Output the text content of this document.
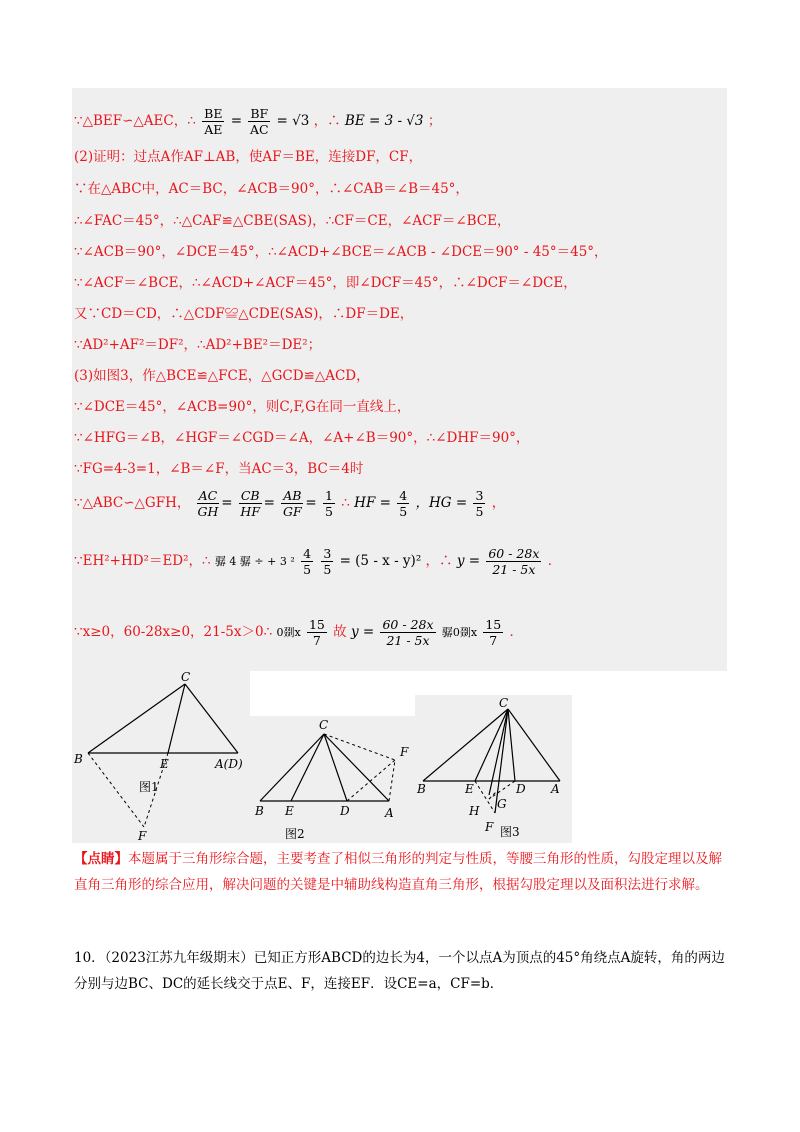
∵△BEF∽△AEC，∴ $\frac{BE}{AE} = \frac{BF}{AC} = √3$ ，∴ BE = 3 - √3 ；
(2)证明：过点A作AF⊥AB，使AF＝BE，连接DF，CF，
∵在△ABC中，AC＝BC，∠ACB＝90°，∴∠CAB＝∠B＝45°，
∴∠FAC＝45°，∴△CAF≌△CBE(SAS)，∴CF＝CE，∠ACF＝∠BCE，
∵∠ACB＝90°，∠DCE＝45°，∴∠ACD+∠BCE＝∠ACB - ∠DCE＝90° - 45°＝45°，
∵∠ACF＝∠BCE，∴∠ACD+∠ACF＝45°，即∠DCF＝45°，∴∠DCF＝∠DCE，
又∵CD＝CD，∴△CDF≌△CDE(SAS)，∴DF＝DE，
∵AD²+AF²＝DF²，∴AD²+BE²＝DE²；
(3)如图3，作△BCE≌△FCE，△GCD≌△ACD，
∵∠DCE＝45°，∠ACB=90°，则C,F,G在同一直线上，
∵∠HFG＝∠B，∠HGF＝∠CGD＝∠A，∠A+∠B＝90°，∴∠DHF＝90°，
∵FG=4-3=1，∠B＝∠F，当AC＝3，BC＝4时
∵△ABC∽△GFH， $\frac{AC}{GH} = \frac{CB}{HF} = \frac{AB}{GF} = \frac{1}{5}$ ∴ HF = $\frac{4}{5}$ ，HG = $\frac{3}{5}$ ，
∵EH²+HD²＝ED²，∴ 骣 4 骣 ÷ + 3 $^2 \frac{4}{5}$
$\frac{3}{5} = (5 - x - y)^2$ ，∴ $y = \frac{60 - 28x}{21 - 5x}$ ．
∵x≥0，60-28x≥0，21-5x＞0∴ 0剟x $\frac{15}{7}$ 故 $y = \frac{60 - 28x}{21 - 5x}$ 骣0剟x $\frac{15}{7}$ ．
C
B	E	A(D)
F
图1
C
B E	D	A
F
图2
C
B	E	D A
H G
F 图3
【点睛】本题属于三角形综合题，主要考查了相似三角形的判定与性质，等腰三角形的性质，勾股定理以及解直角三角形的综合应用，解决问题的关键是中辅助线构造直角三角形，根据勾股定理以及面积法进行求解。
10．（2023江苏九年级期末）已知正方形ABCD的边长为4，一个以点A为顶点的45°角绕点A旋转，角的两边分别与边BC、DC的延长线交于点E、F，连接EF．设CE=a，CF=b．
